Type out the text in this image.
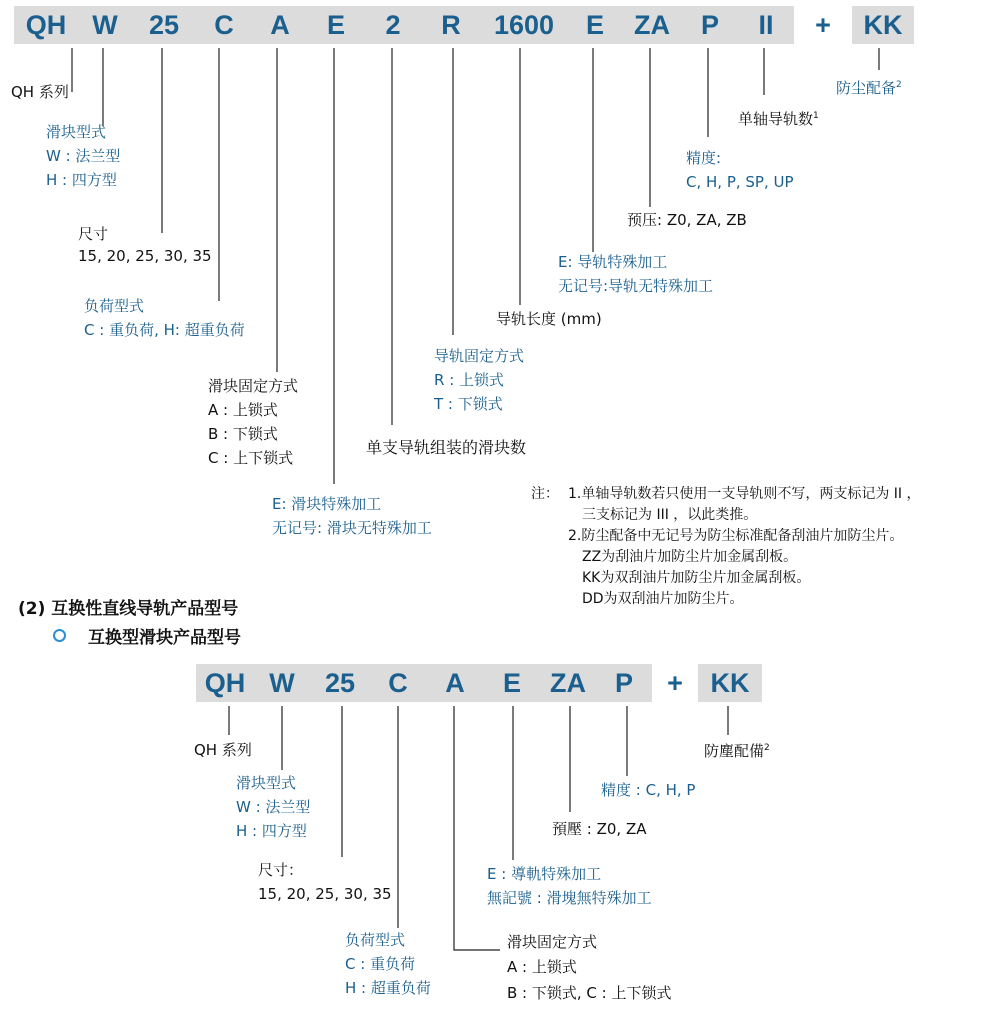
QH W	25	C	A	E	2	R	1600	E	ZA	P	II	+	KK
QH W	25	C	A	E	ZA	P	+	KK
QH 系列
滑块型式
W : 法兰型
H : 四方型
尺寸
15, 20, 25, 30, 35
负荷型式
C : 重负荷, H: 超重负荷
滑块固定方式
A : 上锁式
B : 下锁式
C : 上下锁式
E: 滑块特殊加工
无记号: 滑块无特殊加工
单支导轨组装的滑块数
导轨固定方式
R : 上锁式
T : 下锁式
导轨长度 (mm)
E: 导轨特殊加工
无记号:导轨无特殊加工
预压: Z0, ZA, ZB
精度:
C, H, P, SP, UP
单轴导轨数$^1$
防尘配备$^2$
注： 1.单轴导轨数若只使用一支导轨则不写，两支标记为 II ，
三支标记为 III ，以此类推。
2.防尘配备中无记号为防尘标准配备刮油片加防尘片。
ZZ为刮油片加防尘片加金属刮板。
KK为双刮油片加防尘片加金属刮板。
DD为双刮油片加防尘片。
(2) 互换性直线导轨产品型号
互换型滑块产品型号
QH 系列
滑块型式
W : 法兰型
H : 四方型
尺寸：
15, 20, 25, 30, 35
负荷型式
C : 重负荷
H : 超重负荷
滑块固定方式
A : 上锁式
B : 下锁式, C : 上下锁式
E : 導軌特殊加工
無記號 : 滑塊無特殊加工
預壓 : Z0, ZA
精度 : C, H, P
防塵配備$^2$
